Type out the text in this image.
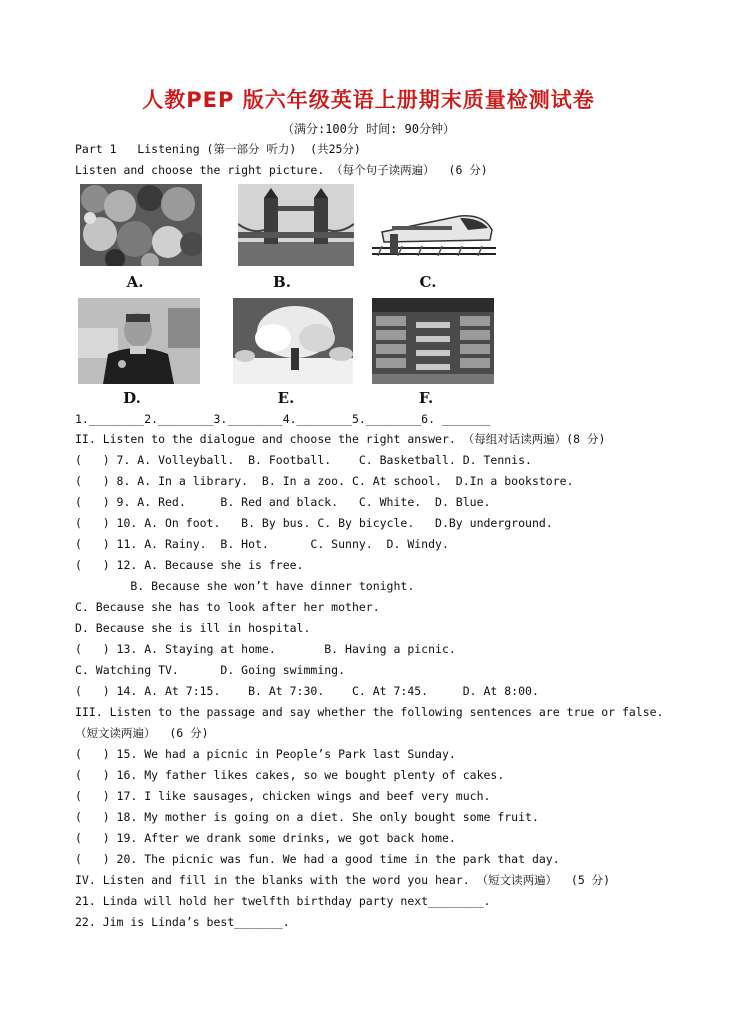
人教PEP 版六年级英语上册期末质量检测试卷
（满分:100分 时间: 90分钟）
Part 1   Listening (第一部分 听力)  (共25分)
Listen and choose the right picture. （每个句子读两遍）  (6 分)
A.	B.	C.
D.	E.	F.
1.________2.________3.________4.________5.________6. _______
II. Listen to the dialogue and choose the right answer. （每组对话读两遍）(8 分)
(   ) 7. A. Volleyball.  B. Football.    C. Basketball. D. Tennis.
(   ) 8. A. In a library.  B. In a zoo. C. At school.  D.In a bookstore.
(   ) 9. A. Red.     B. Red and black.   C. White.  D. Blue.
(   ) 10. A. On foot.   B. By bus. C. By bicycle.   D.By underground.
(   ) 11. A. Rainy.  B. Hot.      C. Sunny.  D. Windy.
(   ) 12. A. Because she is free.
B. Because she won’t have dinner tonight.
C. Because she has to look after her mother.
D. Because she is ill in hospital.
(   ) 13. A. Staying at home.       B. Having a picnic.
C. Watching TV.      D. Going swimming.
(   ) 14. A. At 7:15.    B. At 7:30.    C. At 7:45.     D. At 8:00.
III. Listen to the passage and say whether the following sentences are true or false.
（短文读两遍）  (6 分)
(   ) 15. We had a picnic in People’s Park last Sunday.
(   ) 16. My father likes cakes, so we bought plenty of cakes.
(   ) 17. I like sausages, chicken wings and beef very much.
(   ) 18. My mother is going on a diet. She only bought some fruit.
(   ) 19. After we drank some drinks, we got back home.
(   ) 20. The picnic was fun. We had a good time in the park that day.
IV. Listen and fill in the blanks with the word you hear. （短文读两遍）  (5 分)
21. Linda will hold her twelfth birthday party next________.
22. Jim is Linda’s best_______.
